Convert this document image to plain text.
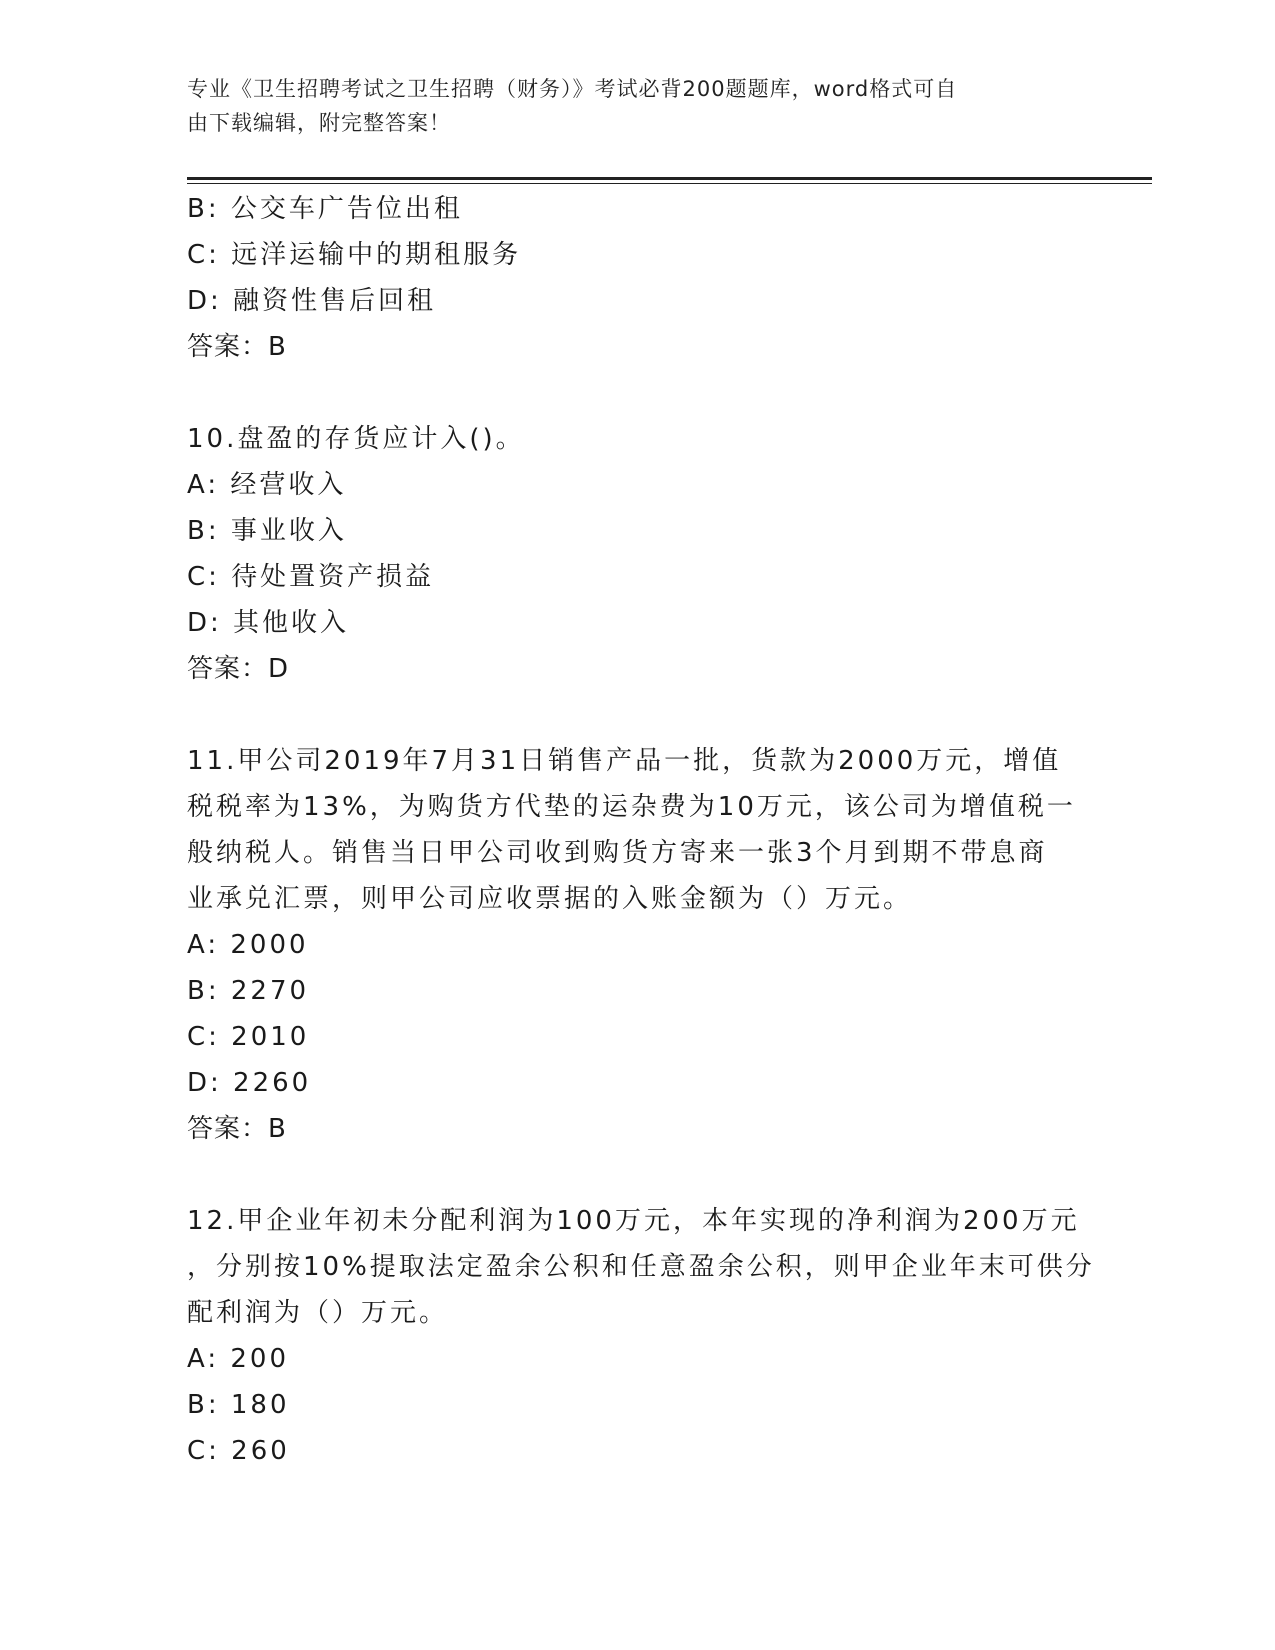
专业《卫生招聘考试之卫生招聘（财务）》考试必背200题题库，word格式可自
由下载编辑，附完整答案！
B: 公交车广告位出租
C: 远洋运输中的期租服务
D: 融资性售后回租
答案：B
10.盘盈的存货应计入()。
A: 经营收入
B: 事业收入
C: 待处置资产损益
D: 其他收入
答案：D
11.甲公司2019年7月31日销售产品一批，货款为2000万元，增值
税税率为13%，为购货方代垫的运杂费为10万元，该公司为增值税一
般纳税人。销售当日甲公司收到购货方寄来一张3个月到期不带息商
业承兑汇票，则甲公司应收票据的入账金额为（）万元。
A: 2000
B: 2270
C: 2010
D: 2260
答案：B
12.甲企业年初未分配利润为100万元，本年实现的净利润为200万元
，分别按10%提取法定盈余公积和任意盈余公积，则甲企业年末可供分
配利润为（）万元。
A: 200
B: 180
C: 260
